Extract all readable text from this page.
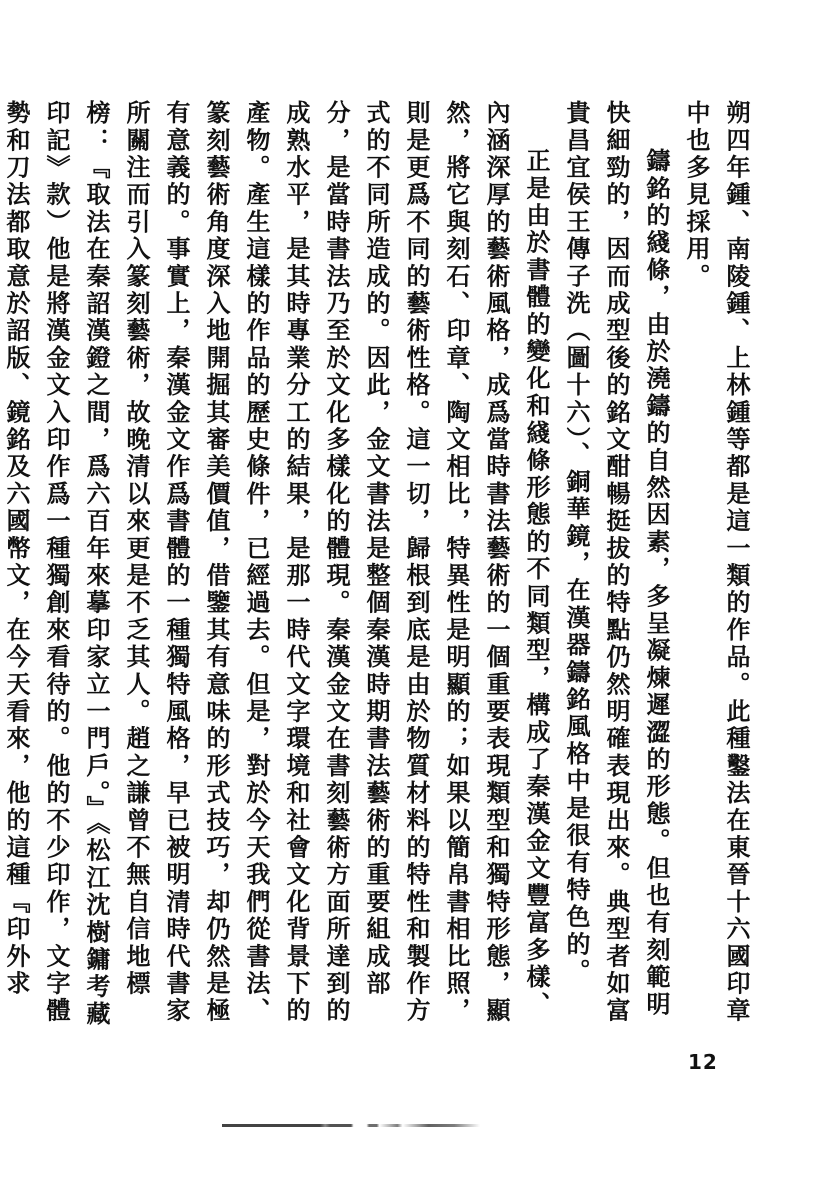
朔四年鍾、南陵鍾、上林鍾等都是這一類的作品。此種鑿法在東晉十六國印章中也多見採用。

鑄銘的綫條，由於澆鑄的自然因素，多呈凝煉遲澀的形態。但也有刻範明快細勁的，因而成型後的銘文酣暢挺拔的特點仍然明確表現出來。典型者如富貴昌宜侯王傳子洗（圖十六）、銅華鏡，在漢器鑄銘風格中是很有特色的。

正是由於書體的變化和綫條形態的不同類型，構成了秦漢金文豐富多樣、內涵深厚的藝術風格，成爲當時書法藝術的一個重要表現類型和獨特形態，顯然，將它與刻石、印章、陶文相比，特異性是明顯的；如果以簡帛書相比照，則是更爲不同的藝術性格。這一切，歸根到底是由於物質材料的特性和製作方式的不同所造成的。因此，金文書法是整個秦漢時期書法藝術的重要組成部分，是當時書法乃至於文化多樣化的體現。秦漢金文在書刻藝術方面所達到的成熟水平，是其時專業分工的結果，是那一時代文字環境和社會文化背景下的產物。產生這樣的作品的歷史條件，已經過去。但是，對於今天我們從書法、篆刻藝術角度深入地開掘其審美價值，借鑒其有意味的形式技巧，却仍然是極有意義的。事實上，秦漢金文作爲書體的一種獨特風格，早已被明清時代書家所關注而引入篆刻藝術，故晚清以來更是不乏其人。趙之謙曾不無自信地標榜：『取法在秦詔漢鐙之間，爲六百年來摹印家立一門戶。』《松江沈樹鏞考藏印記》款）他是將漢金文入印作爲一種獨創來看待的。他的不少印作，文字體勢和刀法都取意於詔版、鏡銘及六國幣文，在今天看來，他的這種『印外求

12
